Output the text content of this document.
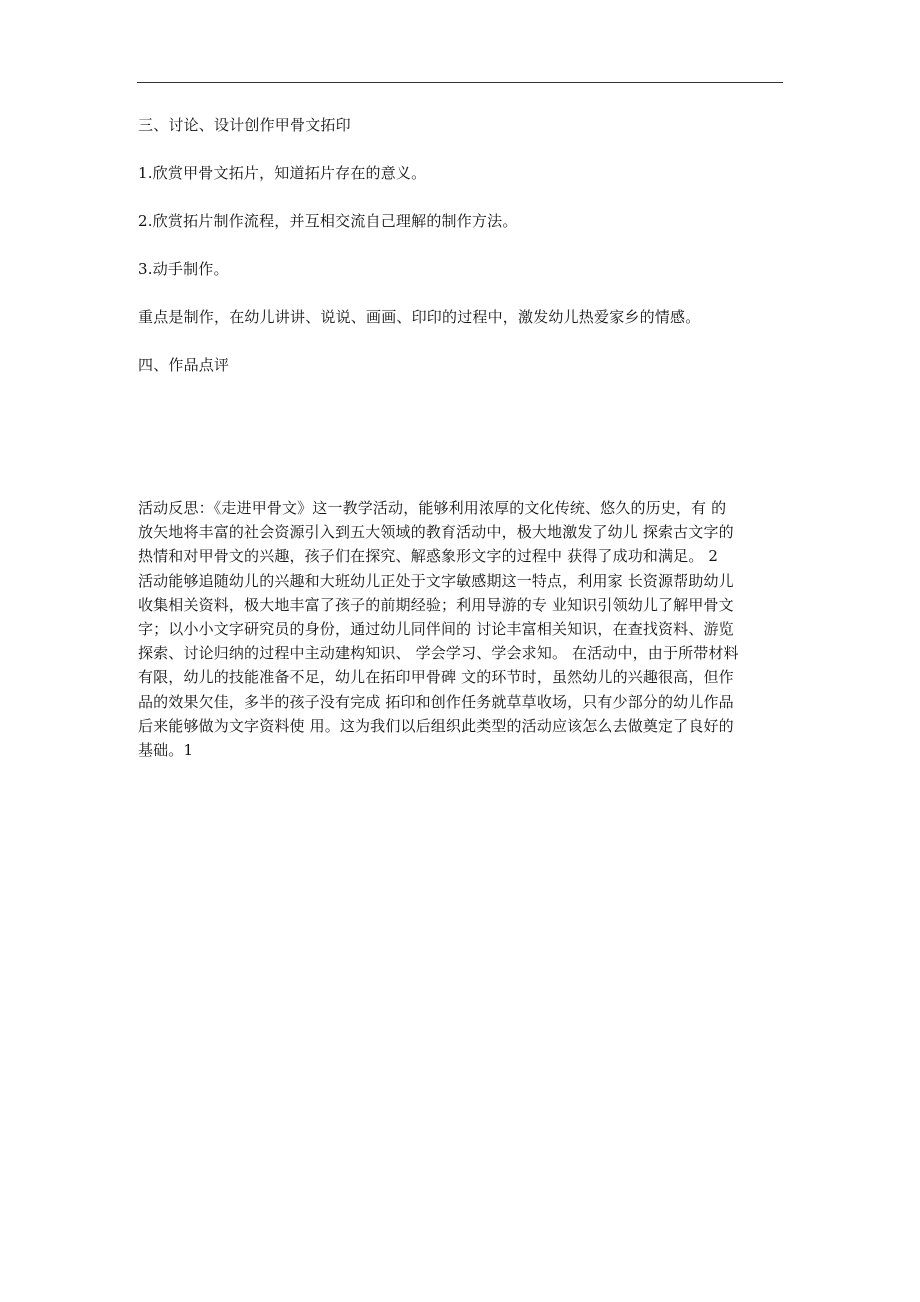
三、讨论、设计创作甲骨文拓印

1.欣赏甲骨文拓片，知道拓片存在的意义。

2.欣赏拓片制作流程，并互相交流自己理解的制作方法。

3.动手制作。

重点是制作，在幼儿讲讲、说说、画画、印印的过程中，激发幼儿热爱家乡的情感。

四、作品点评

活动反思：《走进甲骨文》这一教学活动，能够利用浓厚的文化传统、悠久的历史，有 的
放矢地将丰富的社会资源引入到五大领域的教育活动中，极大地激发了幼儿 探索古文字的
热情和对甲骨文的兴趣，孩子们在探究、解惑象形文字的过程中 获得了成功和满足。 2
活动能够追随幼儿的兴趣和大班幼儿正处于文字敏感期这一特点，利用家 长资源帮助幼儿
收集相关资料，极大地丰富了孩子的前期经验；利用导游的专 业知识引领幼儿了解甲骨文
字；以小小文字研究员的身份，通过幼儿同伴间的 讨论丰富相关知识，在查找资料、游览
探索、讨论归纳的过程中主动建构知识、 学会学习、学会求知。 在活动中，由于所带材料
有限，幼儿的技能准备不足，幼儿在拓印甲骨碑 文的环节时，虽然幼儿的兴趣很高，但作
品的效果欠佳，多半的孩子没有完成 拓印和创作任务就草草收场，只有少部分的幼儿作品
后来能够做为文字资料使 用。这为我们以后组织此类型的活动应该怎么去做奠定了良好的
基础。1
